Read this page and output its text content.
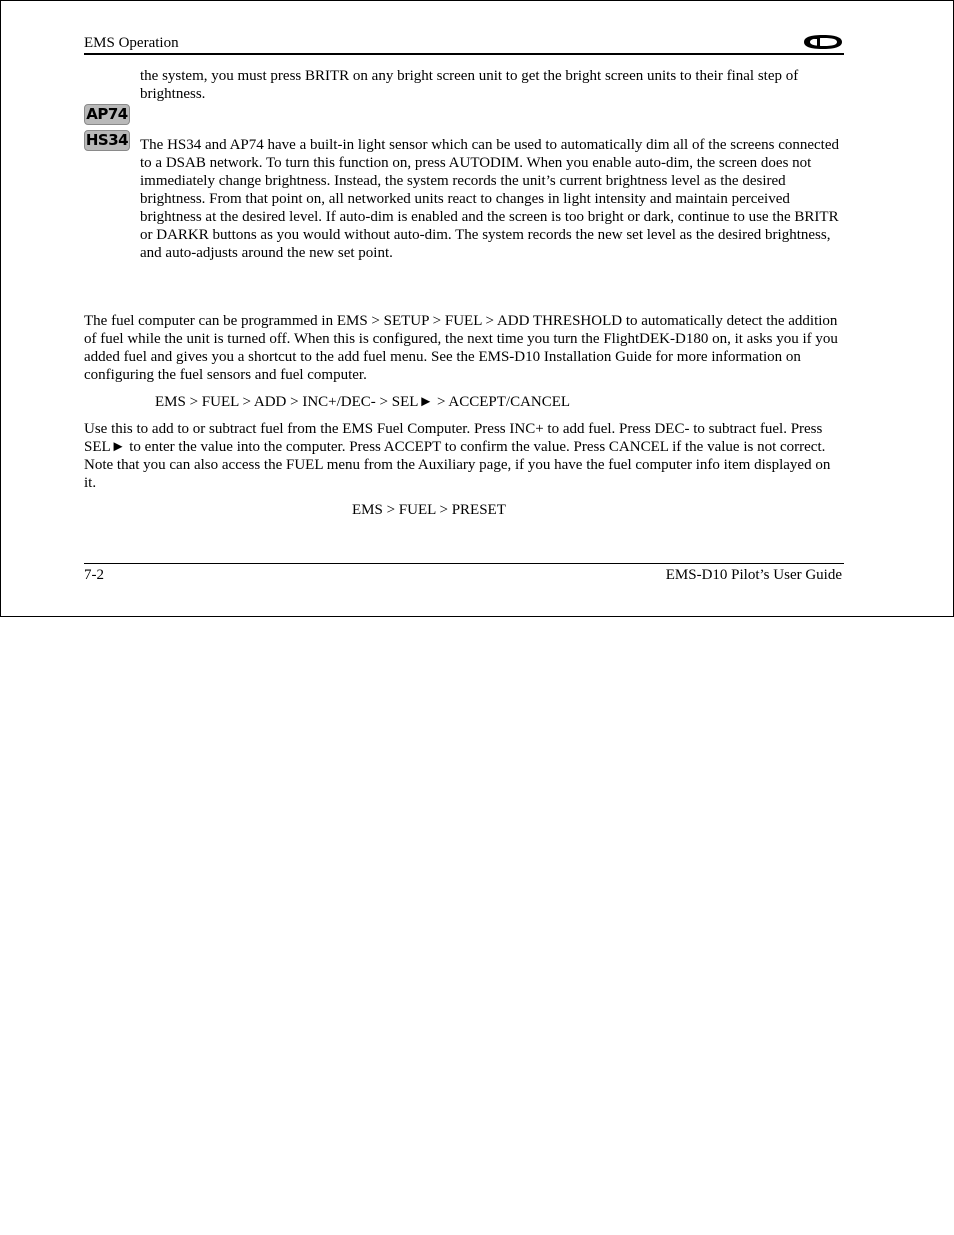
EMS Operation

the system, you must press BRITR on any bright screen unit to get the bright screen units to their final step of brightness.

AP74
HS34 The HS34 and AP74 have a built-in light sensor which can be used to automatically dim all of the screens connected to a DSAB network. To turn this function on, press AUTODIM. When you enable auto-dim, the screen does not immediately change brightness. Instead, the system records the unit’s current brightness level as the desired brightness. From that point on, all networked units react to changes in light intensity and maintain perceived brightness at the desired level. If auto-dim is enabled and the screen is too bright or dark, continue to use the BRITR or DARKR buttons as you would without auto-dim. The system records the new set level as the desired brightness, and auto-adjusts around the new set point.

The fuel computer can be programmed in EMS > SETUP > FUEL > ADD THRESHOLD to automatically detect the addition of fuel while the unit is turned off. When this is configured, the next time you turn the FlightDEK-D180 on, it asks you if you added fuel and gives you a shortcut to the add fuel menu. See the EMS-D10 Installation Guide for more information on configuring the fuel sensors and fuel computer.

EMS > FUEL > ADD > INC+/DEC- > SEL► > ACCEPT/CANCEL

Use this to add to or subtract fuel from the EMS Fuel Computer. Press INC+ to add fuel. Press DEC- to subtract fuel. Press SEL► to enter the value into the computer. Press ACCEPT to confirm the value. Press CANCEL if the value is not correct. Note that you can also access the FUEL menu from the Auxiliary page, if you have the fuel computer info item displayed on it.

EMS > FUEL > PRESET
7-2	EMS-D10 Pilot’s User Guide
